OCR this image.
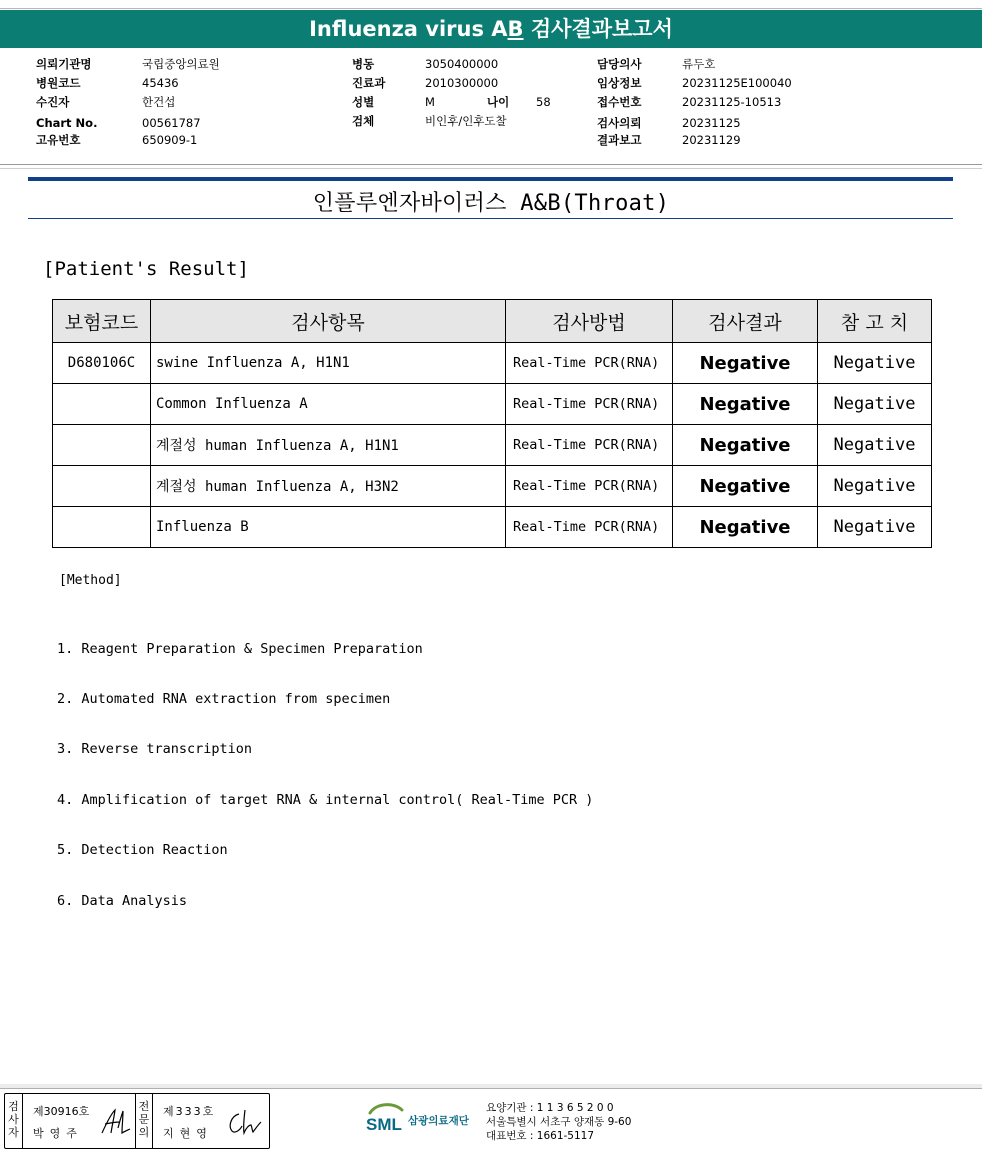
Influenza virus AB 검사결과보고서
의뢰기관명	국립중앙의료원
병원코드	45436
수진자	한건섭
Chart No.	00561787
고유번호	650909-1
병동	3050400000
진료과	2010300000
성별	M	나이 58
검체	비인후/인후도찰
담당의사	류두호
임상정보	20231125E100040
접수번호	20231125-10513
검사의뢰	20231125
결과보고	20231129
인플루엔자바이러스 A&B(Throat)
[Patient's Result]
보험코드	검사항목	검사방법	검사결과	참 고 치
D680106C	swine Influenza A, H1N1	Real-Time PCR(RNA)	Negative	Negative
	Common Influenza A	Real-Time PCR(RNA)	Negative	Negative
	계절성 human Influenza A, H1N1	Real-Time PCR(RNA)	Negative	Negative
	계절성 human Influenza A, H3N2	Real-Time PCR(RNA)	Negative	Negative
	Influenza B	Real-Time PCR(RNA)	Negative	Negative
[Method]

1. Reagent Preparation & Specimen Preparation

2. Automated RNA extraction from specimen

3. Reverse transcription

4. Amplification of target RNA & internal control( Real-Time PCR )

5. Detection Reaction

6. Data Analysis

검사자
제30916호
박영주
전문의
제333호
지현영	SML 삼광의료재단
요양기관 : 1 1 3 6 5 2 0 0
서울특별시 서초구 양재동 9-60
대표번호 : 1661-5117
